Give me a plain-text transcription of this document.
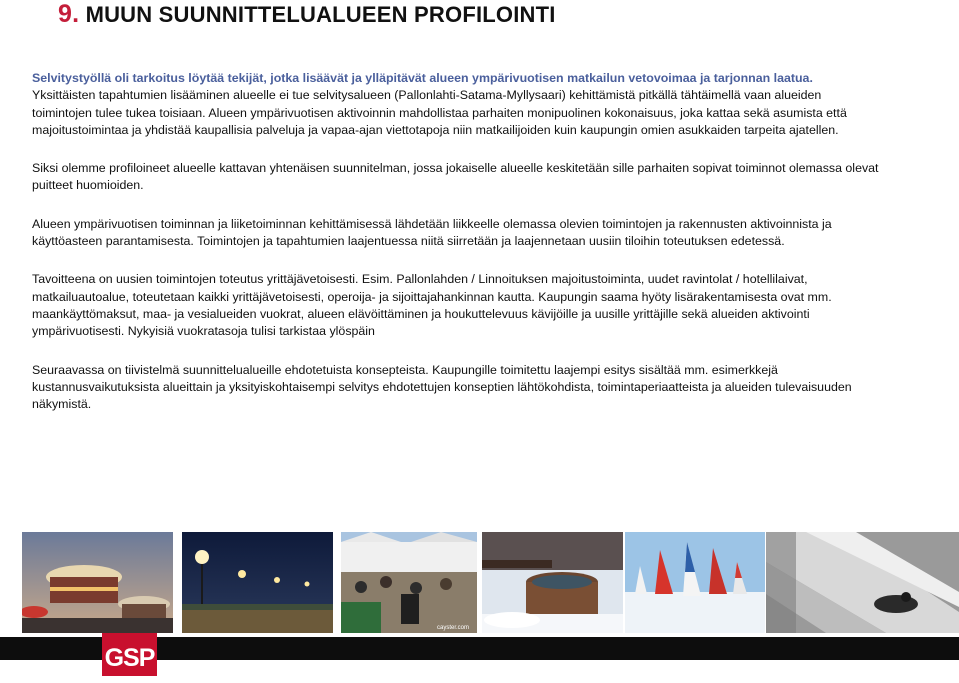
9. MUUN SUUNNITTELUALUEEN PROFILOINTI

Selvitystyöllä oli tarkoitus löytää tekijät, jotka lisäävät ja ylläpitävät alueen ympärivuotisen matkailun vetovoimaa ja tarjonnan laatua.
Yksittäisten tapahtumien lisääminen alueelle ei tue selvitysalueen (Pallonlahti-Satama-Myllysaari) kehittämistä pitkällä tähtäimellä vaan alueiden toimintojen tulee tukea toisiaan. Alueen ympärivuotisen aktivoinnin mahdollistaa parhaiten monipuolinen kokonaisuus, joka kattaa sekä asumista että majoitustoimintaa ja yhdistää kaupallisia palveluja ja vapaa-ajan viettotapoja niin matkailijoiden kuin kaupungin omien asukkaiden tarpeita ajatellen.

Siksi olemme profiloineet alueelle kattavan yhtenäisen suunnitelman, jossa jokaiselle alueelle keskitetään sille parhaiten sopivat toiminnot olemassa olevat puitteet huomioiden.

Alueen ympärivuotisen toiminnan ja liiketoiminnan kehittämisessä lähdetään liikkeelle olemassa olevien toimintojen ja rakennusten aktivoinnista ja käyttöasteen parantamisesta. Toimintojen ja tapahtumien laajentuessa niitä siirretään ja laajennetaan uusiin tiloihin toteutuksen edetessä.

Tavoitteena on uusien toimintojen toteutus yrittäjävetoisesti. Esim. Pallonlahden / Linnoituksen majoitustoiminta, uudet ravintolat / hotellilaivat, matkailuautoalue, toteutetaan kaikki yrittäjävetoisesti, operoija- ja sijoittajahankinnan kautta. Kaupungin saama hyöty lisärakentamisesta ovat mm. maankäyttömaksut, maa- ja vesialueiden vuokrat, alueen elävöittäminen ja houkuttelevuus kävijöille ja uusille yrittäjille sekä alueiden aktivointi ympärivuotisesti. Nykyisiä vuokratasoja tulisi tarkistaa ylöspäin

Seuraavassa on tiivistelmä suunnittelualueille ehdotetuista konsepteista. Kaupungille toimitettu laajempi esitys sisältää mm. esimerkkejä kustannusvaikutuksista alueittain ja yksityiskohtaisempi selvitys ehdotettujen konseptien lähtökohdista, toimintaperiaatteista ja alueiden tulevaisuuden näkymistä.

cayster.com
GSP
